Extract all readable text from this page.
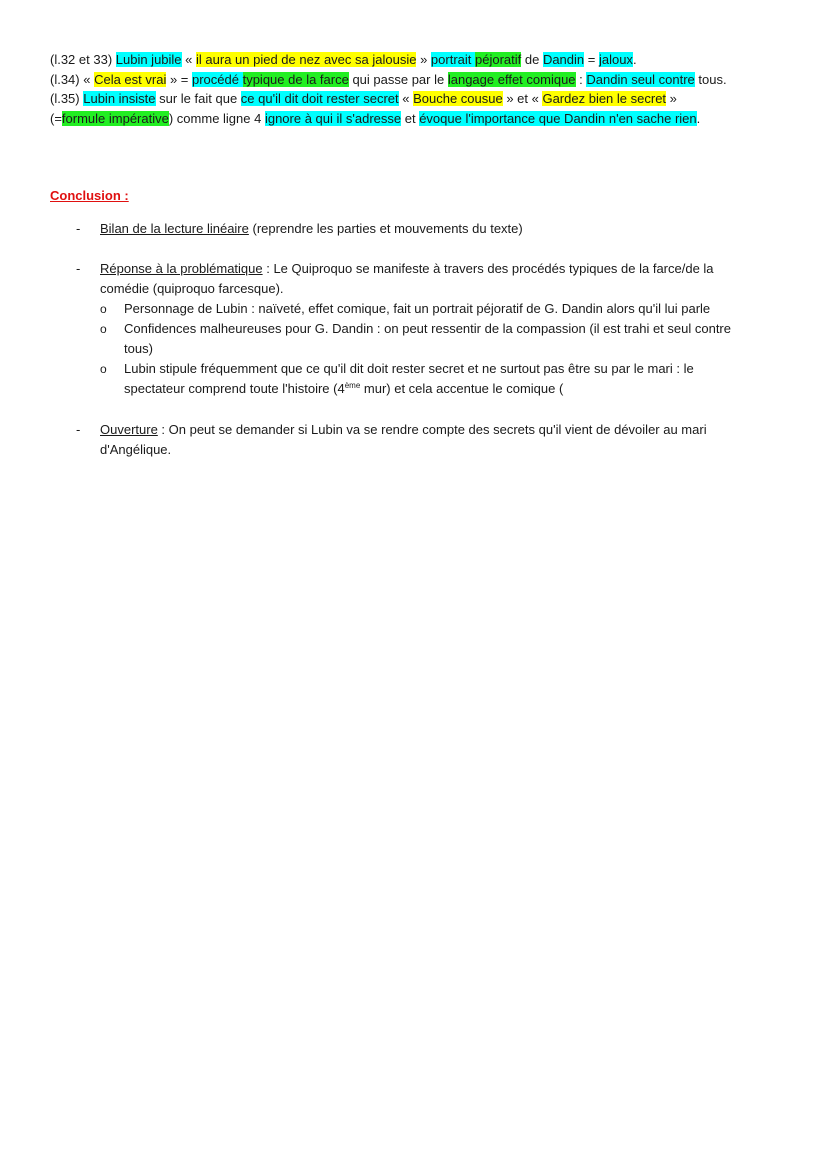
(l.32 et 33) Lubin jubile « il aura un pied de nez avec sa jalousie » portrait péjoratif de Dandin = jaloux.

(l.34) « Cela est vrai » = procédé typique de la farce qui passe par le langage effet comique : Dandin seul contre tous.

(l.35) Lubin insiste sur le fait que ce qu'il dit doit rester secret « Bouche cousue » et « Gardez bien le secret »

(=formule impérative) comme ligne 4 ignore à qui il s'adresse et évoque l'importance que Dandin n'en sache rien.

Conclusion :
- Bilan de la lecture linéaire (reprendre les parties et mouvements du texte)
- Réponse à la problématique : Le Quiproquo se manifeste à travers des procédés typiques de la farce/de la
comédie (quiproquo farcesque).
o Personnage de Lubin : naïveté, effet comique, fait un portrait péjoratif de G. Dandin alors qu'il lui parle
o Confidences malheureuses pour G. Dandin : on peut ressentir de la compassion (il est trahi et seul contre
tous)
o Lubin stipule fréquemment que ce qu'il dit doit rester secret et ne surtout pas être su par le mari : le
spectateur comprend toute l'histoire (4ème mur) et cela accentue le comique (
- Ouverture : On peut se demander si Lubin va se rendre compte des secrets qu'il vient de dévoiler au mari
d'Angélique.
